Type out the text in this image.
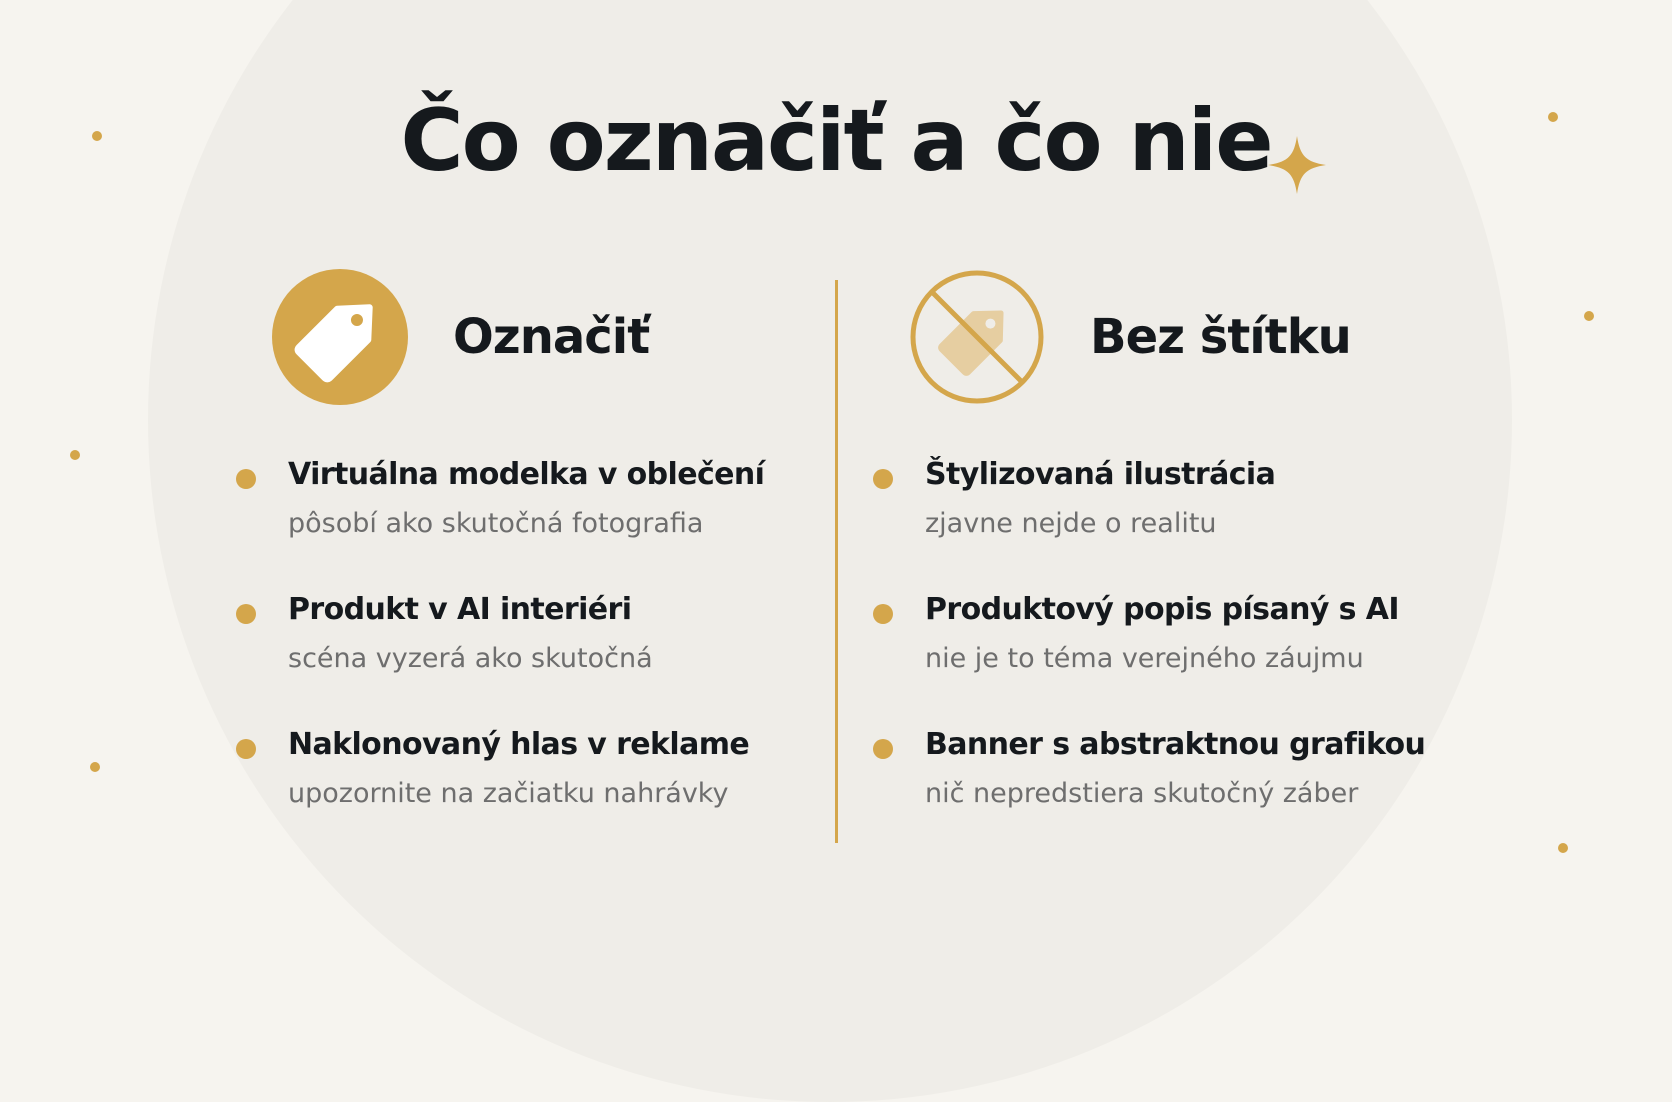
Čo označiť a čo nie
Označiť
Virtuálna modelka v oblečení
pôsobí ako skutočná fotografia
Produkt v AI interiéri
scéna vyzerá ako skutočná
Naklonovaný hlas v reklame
upozornite na začiatku nahrávky
Bez štítku
Štylizovaná ilustrácia
zjavne nejde o realitu
Produktový popis písaný s AI
nie je to téma verejného záujmu
Banner s abstraktnou grafikou
nič nepredstiera skutočný záber
